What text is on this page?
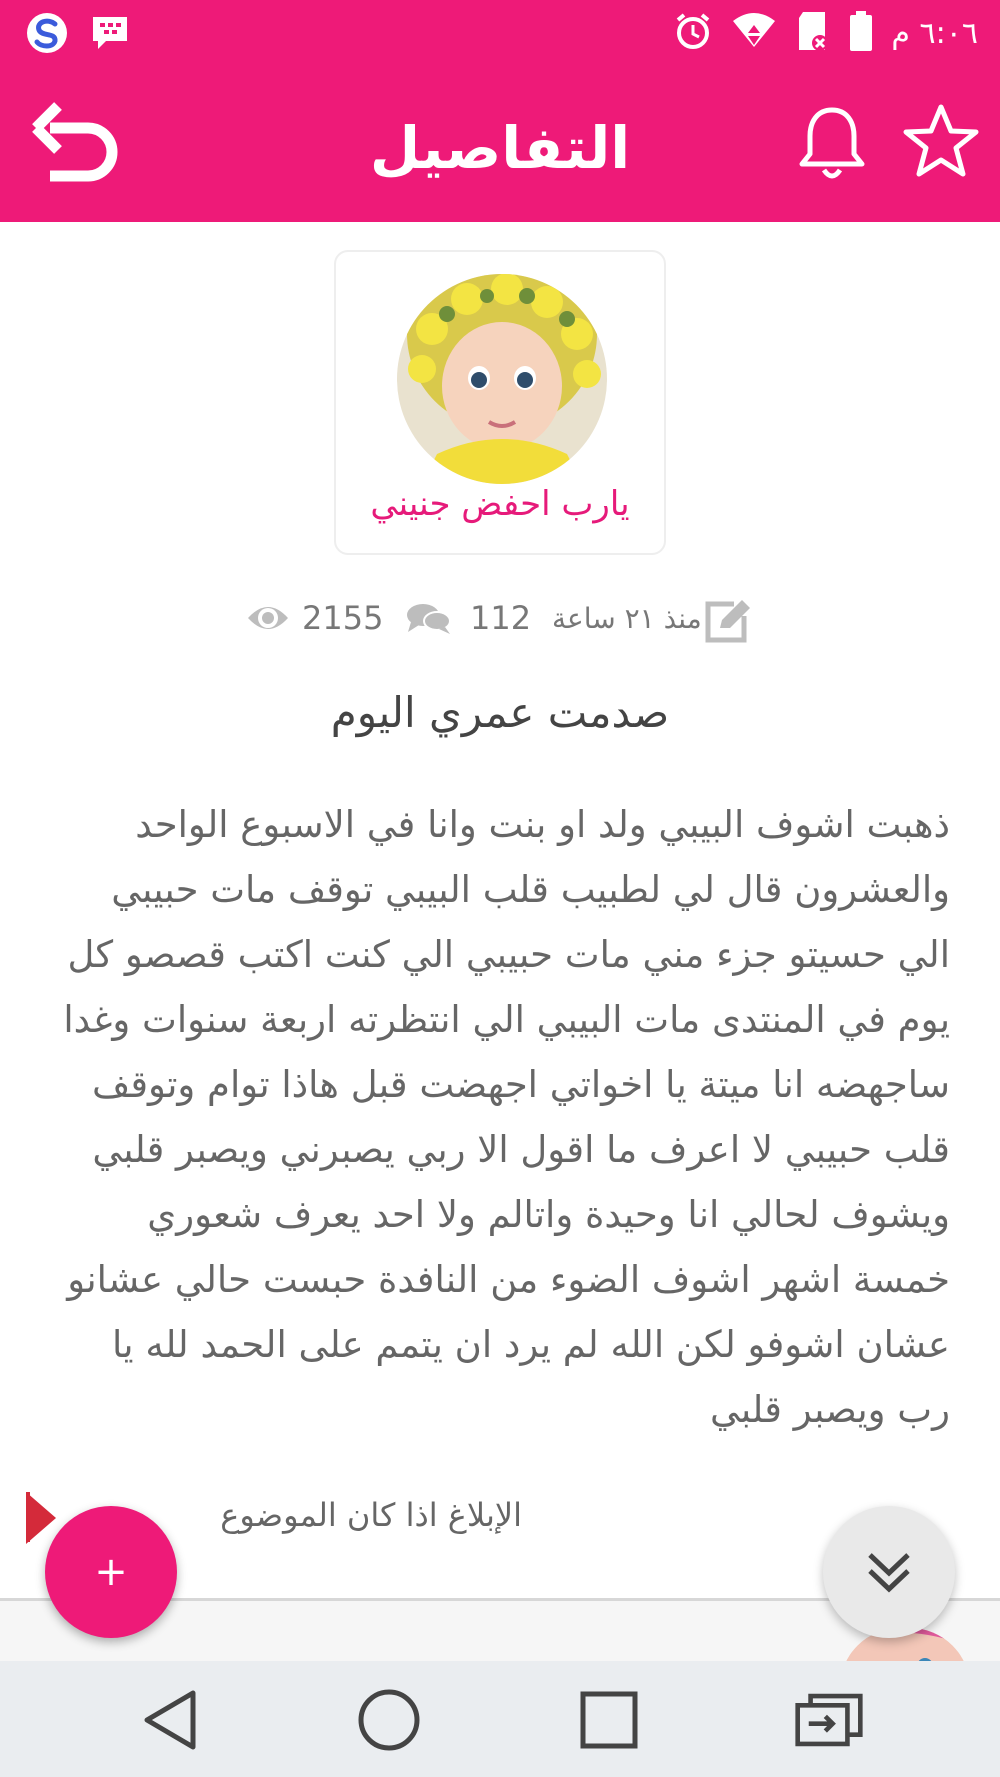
٦:٠٦ م
التفاصيل
يارب احفض جنيني
2155	112 منذ ٢١ ساعة
صدمت عمري اليوم
ذهبت اشوف البيبي ولد او بنت وانا في الاسبوع الواحد والعشرون قال لي لطبيب قلب البيبي توقف مات حبيبي الي حسيتو جزء مني مات حبيبي الي كنت اكتب قصصو كل يوم في المنتدى مات البيبي الي انتظرته اربعة سنوات وغدا ساجهضه انا ميتة يا اخواتي اجهضت قبل هاذا توام وتوقف قلب حبيبي لا اعرف ما اقول الا ربي يصبرني ويصبر قلبي ويشوف لحالي انا وحيدة واتالم ولا احد يعرف شعوري خمسة اشهر اشوف الضوء من النافدة حبست حالي عشانو عشان اشوفو لكن الله لم يرد ان يتمم على الحمد لله يا رب ويصبر قلبي
الإبلاغ اذا كان الموضوع
+
